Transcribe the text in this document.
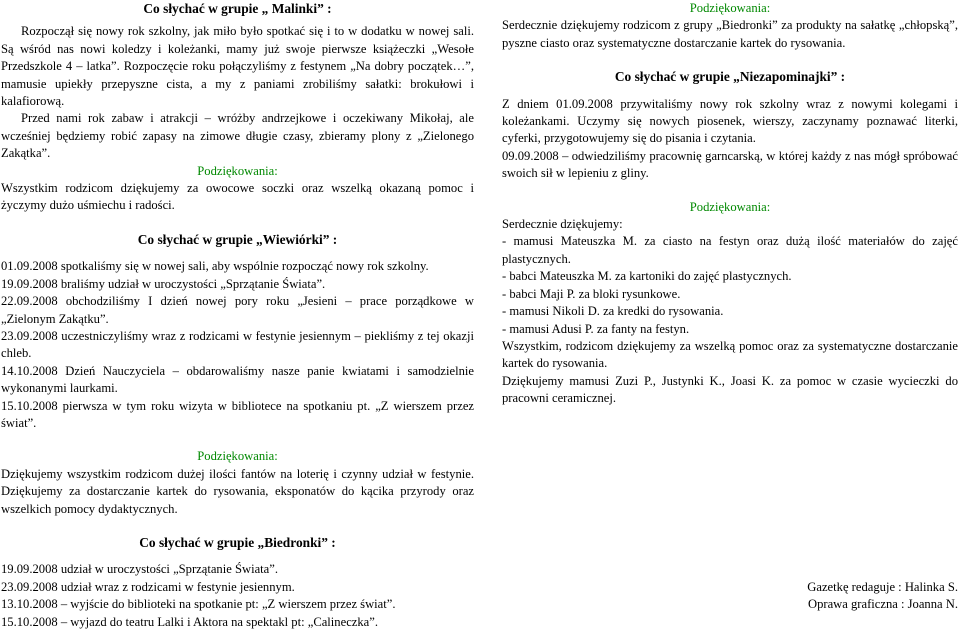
Co słychać w grupie „ Malinki” :

Rozpoczął się nowy rok szkolny, jak miło było spotkać się i to w dodatku w nowej sali. Są wśród nas nowi koledzy i koleżanki, mamy już swoje pierwsze książeczki „Wesołe Przedszkole 4 – latka”. Rozpoczęcie roku połączyliśmy z festynem „Na dobry początek…”, mamusie upiekły przepyszne cista, a my z paniami zrobiliśmy sałatki: brokułowi i kalafiorową.

Przed nami rok zabaw i atrakcji – wróżby andrzejkowe i oczekiwany Mikołaj, ale wcześniej będziemy robić zapasy na zimowe długie czasy, zbieramy plony z „Zielonego Zakątka”.

Podziękowania:

Wszystkim rodzicom dziękujemy za owocowe soczki oraz wszelką okazaną pomoc i życzymy dużo uśmiechu i radości.

Co słychać w grupie „Wiewiórki” :

01.09.2008 spotkaliśmy się w nowej sali, aby wspólnie rozpocząć nowy rok szkolny.

19.09.2008 braliśmy udział w uroczystości „Sprzątanie Świata”.

22.09.2008 obchodziliśmy I dzień nowej pory roku „Jesieni – prace porządkowe w „Zielonym Zakątku”.

23.09.2008 uczestniczyliśmy wraz z rodzicami w festynie jesiennym – piekliśmy z tej okazji chleb.

14.10.2008 Dzień Nauczyciela – obdarowaliśmy nasze panie kwiatami i samodzielnie wykonanymi laurkami.

15.10.2008 pierwsza w tym roku wizyta w bibliotece na spotkaniu pt. „Z wierszem przez świat”.

Podziękowania:

Dziękujemy wszystkim rodzicom dużej ilości fantów na loterię i czynny udział w festynie. Dziękujemy za dostarczanie kartek do rysowania, eksponatów do kącika przyrody oraz wszelkich pomocy dydaktycznych.

Co słychać w grupie „Biedronki” :

19.09.2008 udział w uroczystości „Sprzątanie Świata”.

23.09.2008 udział wraz z rodzicami w festynie jesiennym.

13.10.2008 – wyjście do biblioteki na spotkanie pt: „Z wierszem przez świat”.

15.10.2008 – wyjazd do teatru Lalki i Aktora na spektakl pt: „Calineczka”.

Podziękowania:

Serdecznie dziękujemy rodzicom z grupy „Biedronki” za produkty na sałatkę „chłopską”, pyszne ciasto oraz systematyczne dostarczanie kartek do rysowania.

Co słychać w grupie „Niezapominajki” :

Z dniem 01.09.2008 przywitaliśmy nowy rok szkolny wraz z nowymi kolegami i koleżankami. Uczymy się nowych piosenek, wierszy, zaczynamy poznawać literki, cyferki, przygotowujemy się do pisania i czytania.

09.09.2008 – odwiedziliśmy pracownię garncarską, w której każdy z nas mógł spróbować swoich sił w lepieniu z gliny.

Podziękowania:

Serdecznie dziękujemy:

- mamusi Mateuszka M. za ciasto na festyn oraz dużą ilość materiałów do zajęć plastycznych.

- babci Mateuszka M. za kartoniki do zajęć plastycznych.

- babci Maji P. za bloki rysunkowe.

- mamusi Nikoli D. za kredki do rysowania.

- mamusi Adusi P. za fanty na festyn.

Wszystkim, rodzicom dziękujemy za wszelką pomoc oraz za systematyczne dostarczanie kartek do rysowania.

Dziękujemy mamusi Zuzi P., Justynki K., Joasi K. za pomoc w czasie wycieczki do pracowni ceramicznej.

Gazetkę redaguje : Halinka S.

Oprawa graficzna : Joanna N.
